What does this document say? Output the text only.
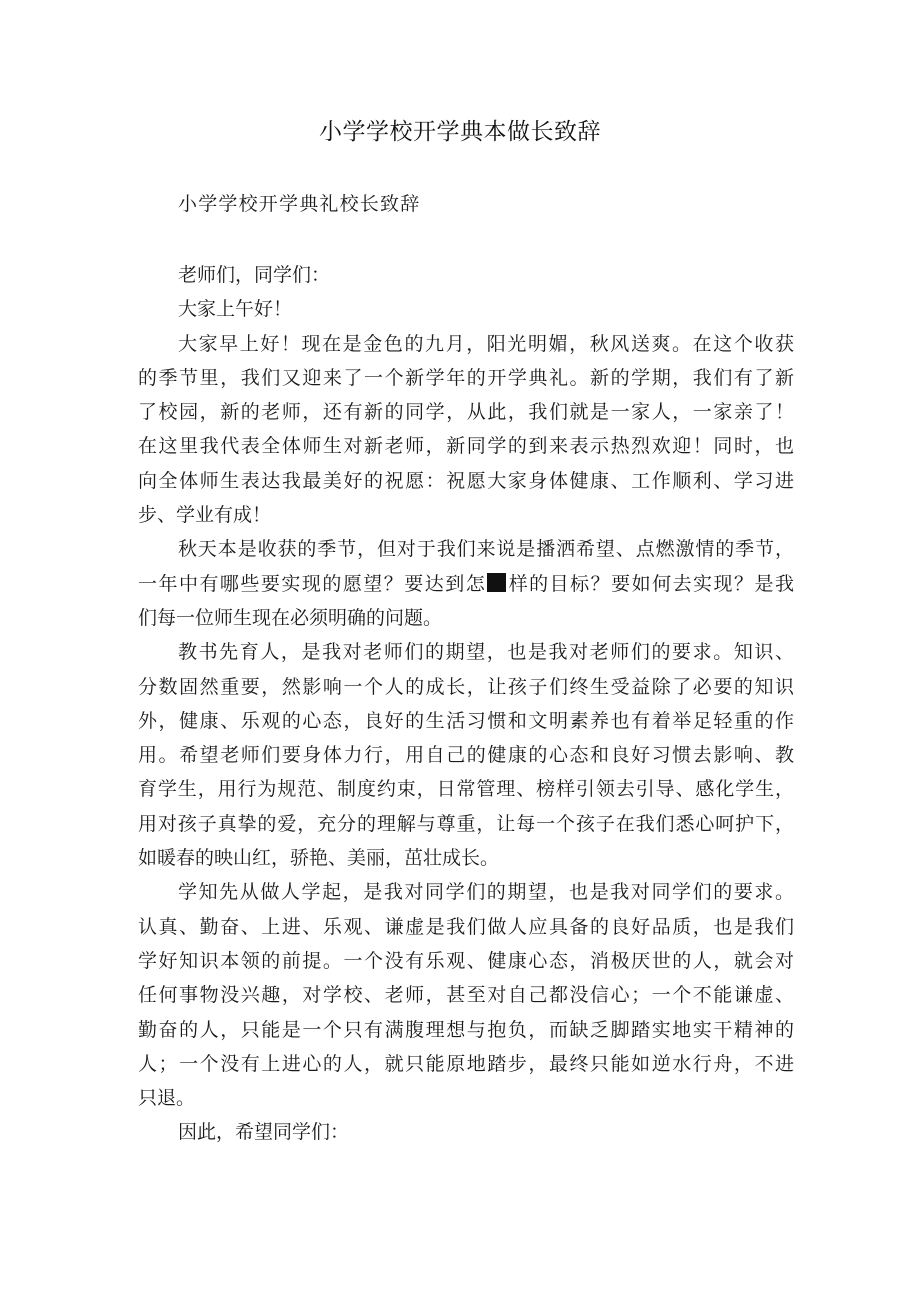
小学学校开学典本做长致辞
小学学校开学典礼校长致辞
老师们，同学们：
大家上午好！
大家早上好！现在是金色的九月，阳光明媚，秋风送爽。在这个收获
的季节里，我们又迎来了一个新学年的开学典礼。新的学期，我们有了新
了校园，新的老师，还有新的同学，从此，我们就是一家人，一家亲了！
在这里我代表全体师生对新老师，新同学的到来表示热烈欢迎！同时，也
向全体师生表达我最美好的祝愿：祝愿大家身体健康、工作顺利、学习进
步、学业有成！
秋天本是收获的季节，但对于我们来说是播洒希望、点燃激情的季节，
一年中有哪些要实现的愿望？要达到怎 样的目标？要如何去实现？是我
们每一位师生现在必须明确的问题。
教书先育人，是我对老师们的期望，也是我对老师们的要求。知识、
分数固然重要，然影响一个人的成长，让孩子们终生受益除了必要的知识
外，健康、乐观的心态，良好的生活习惯和文明素养也有着举足轻重的作
用。希望老师们要身体力行，用自己的健康的心态和良好习惯去影响、教
育学生，用行为规范、制度约束，日常管理、榜样引领去引导、感化学生，
用对孩子真挚的爱，充分的理解与尊重，让每一个孩子在我们悉心呵护下，
如暖春的映山红，骄艳、美丽，茁壮成长。
学知先从做人学起，是我对同学们的期望，也是我对同学们的要求。
认真、勤奋、上进、乐观、谦虚是我们做人应具备的良好品质，也是我们
学好知识本领的前提。一个没有乐观、健康心态，消极厌世的人，就会对
任何事物没兴趣，对学校、老师，甚至对自己都没信心；一个不能谦虚、
勤奋的人，只能是一个只有满腹理想与抱负，而缺乏脚踏实地实干精神的
人；一个没有上进心的人，就只能原地踏步，最终只能如逆水行舟，不进
只退。
因此，希望同学们：
